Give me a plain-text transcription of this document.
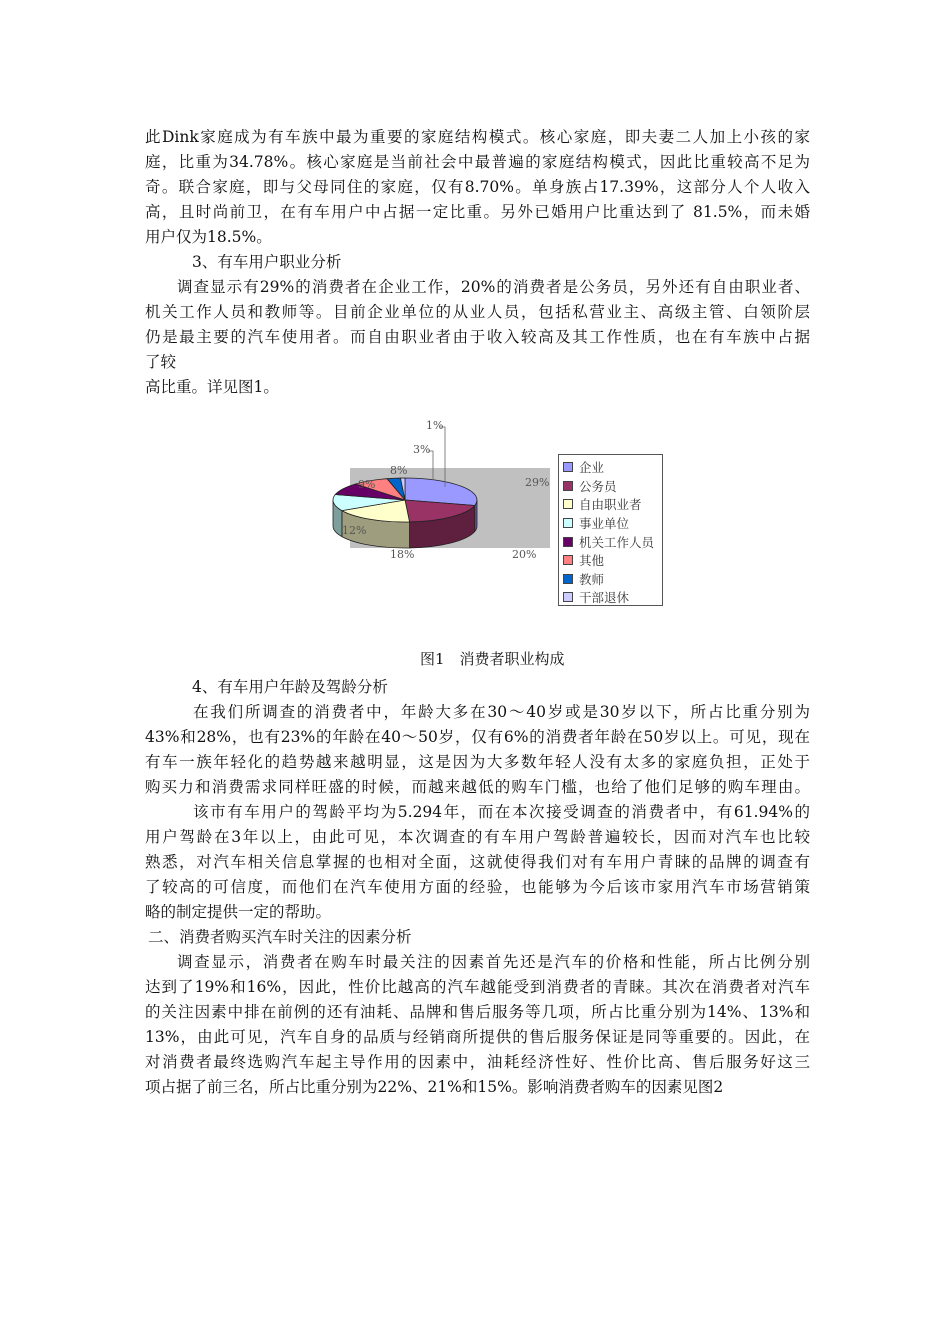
此Dink家庭成为有车族中最为重要的家庭结构模式。核心家庭，即夫妻二人加上小孩的家
庭，比重为34.78%。核心家庭是当前社会中最普遍的家庭结构模式，因此比重较高不足为
奇。联合家庭，即与父母同住的家庭，仅有8.70%。单身族占17.39%，这部分人个人收入
高，且时尚前卫，在有车用户中占据一定比重。另外已婚用户比重达到了 81.5%，而未婚
用户仅为18.5%。
3、有车用户职业分析
调查显示有29%的消费者在企业工作，20%的消费者是公务员，另外还有自由职业者、
机关工作人员和教师等。目前企业单位的从业人员，包括私营业主、高级主管、白领阶层
仍是最主要的汽车使用者。而自由职业者由于收入较高及其工作性质，也在有车族中占据
了较
高比重。详见图1。
29%
20%
18%
12%
9%
8%
3%
1%
企业
公务员
自由职业者
事业单位
机关工作人员
其他
教师
干部退休
图1　消费者职业构成
4、有车用户年龄及驾龄分析
在我们所调查的消费者中，年龄大多在30～40岁或是30岁以下，所占比重分别为
43%和28%，也有23%的年龄在40～50岁，仅有6%的消费者年龄在50岁以上。可见，现在
有车一族年轻化的趋势越来越明显，这是因为大多数年轻人没有太多的家庭负担，正处于
购买力和消费需求同样旺盛的时候，而越来越低的购车门槛，也给了他们足够的购车理由。
该市有车用户的驾龄平均为5.294年，而在本次接受调查的消费者中，有61.94%的
用户驾龄在3年以上，由此可见，本次调查的有车用户驾龄普遍较长，因而对汽车也比较
熟悉，对汽车相关信息掌握的也相对全面，这就使得我们对有车用户青睐的品牌的调查有
了较高的可信度，而他们在汽车使用方面的经验，也能够为今后该市家用汽车市场营销策
略的制定提供一定的帮助。
二、消费者购买汽车时关注的因素分析
调查显示，消费者在购车时最关注的因素首先还是汽车的价格和性能，所占比例分别
达到了19%和16%，因此，性价比越高的汽车越能受到消费者的青睐。其次在消费者对汽车
的关注因素中排在前例的还有油耗、品牌和售后服务等几项，所占比重分别为14%、13%和
13%，由此可见，汽车自身的品质与经销商所提供的售后服务保证是同等重要的。因此，在
对消费者最终选购汽车起主导作用的因素中，油耗经济性好、性价比高、售后服务好这三
项占据了前三名，所占比重分别为22%、21%和15%。影响消费者购车的因素见图2
